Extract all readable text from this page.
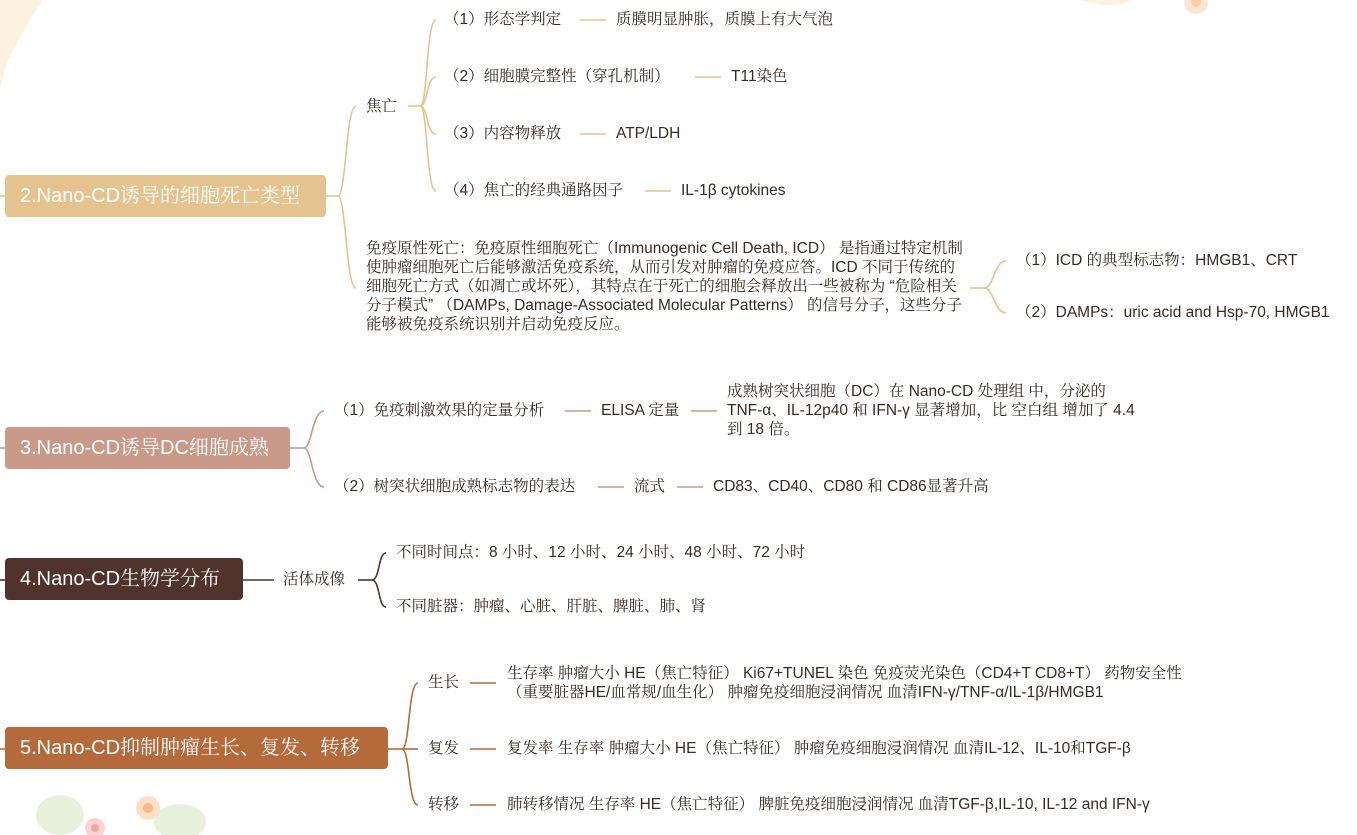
2.Nano-CD诱导的细胞死亡类型
焦亡
（1）形态学判定	质膜明显肿胀，质膜上有大气泡
（2）细胞膜完整性（穿孔机制）	T11染色
（3）内容物释放	ATP/LDH
（4）焦亡的经典通路因子	IL-1β cytokines
免疫原性死亡：免疫原性细胞死亡（Immunogenic Cell Death, ICD） 是指通过特定机制使肿瘤细胞死亡后能够激活免疫系统，从而引发对肿瘤的免疫应答。ICD 不同于传统的细胞死亡方式（如凋亡或坏死），其特点在于死亡的细胞会释放出一些被称为 “危险相关分子模式” （DAMPs, Damage-Associated Molecular Patterns） 的信号分子，这些分子能够被免疫系统识别并启动免疫反应。
（1）ICD 的典型标志物：HMGB1、CRT
（2）DAMPs：uric acid and Hsp-70, HMGB1
3.Nano-CD诱导DC细胞成熟
（1）免疫刺激效果的定量分析	ELISA 定量
成熟树突状细胞（DC）在 Nano-CD 处理组 中，分泌的 TNF-α、IL-12p40 和 IFN-γ 显著增加，比 空白组 增加了 4.4 到 18 倍。
（2）树突状细胞成熟标志物的表达	流式	CD83、CD40、CD80 和 CD86显著升高
4.Nano-CD生物学分布	活体成像
不同时间点：8 小时、12 小时、24 小时、48 小时、72 小时
不同脏器：肿瘤、心脏、肝脏、脾脏、肺、肾
5.Nano-CD抑制肿瘤生长、复发、转移
生长
生存率 肿瘤大小 HE（焦亡特征） Ki67+TUNEL 染色 免疫荧光染色（CD4+T CD8+T） 药物安全性（重要脏器HE/血常规/血生化） 肿瘤免疫细胞浸润情况 血清IFN-γ/TNF-α/IL-1β/HMGB1
复发	复发率 生存率 肿瘤大小 HE（焦亡特征） 肿瘤免疫细胞浸润情况 血清IL-12、IL-10和TGF-β
转移	肺转移情况 生存率 HE（焦亡特征） 脾脏免疫细胞浸润情况 血清TGF-β,IL-10, IL-12 and IFN-γ
